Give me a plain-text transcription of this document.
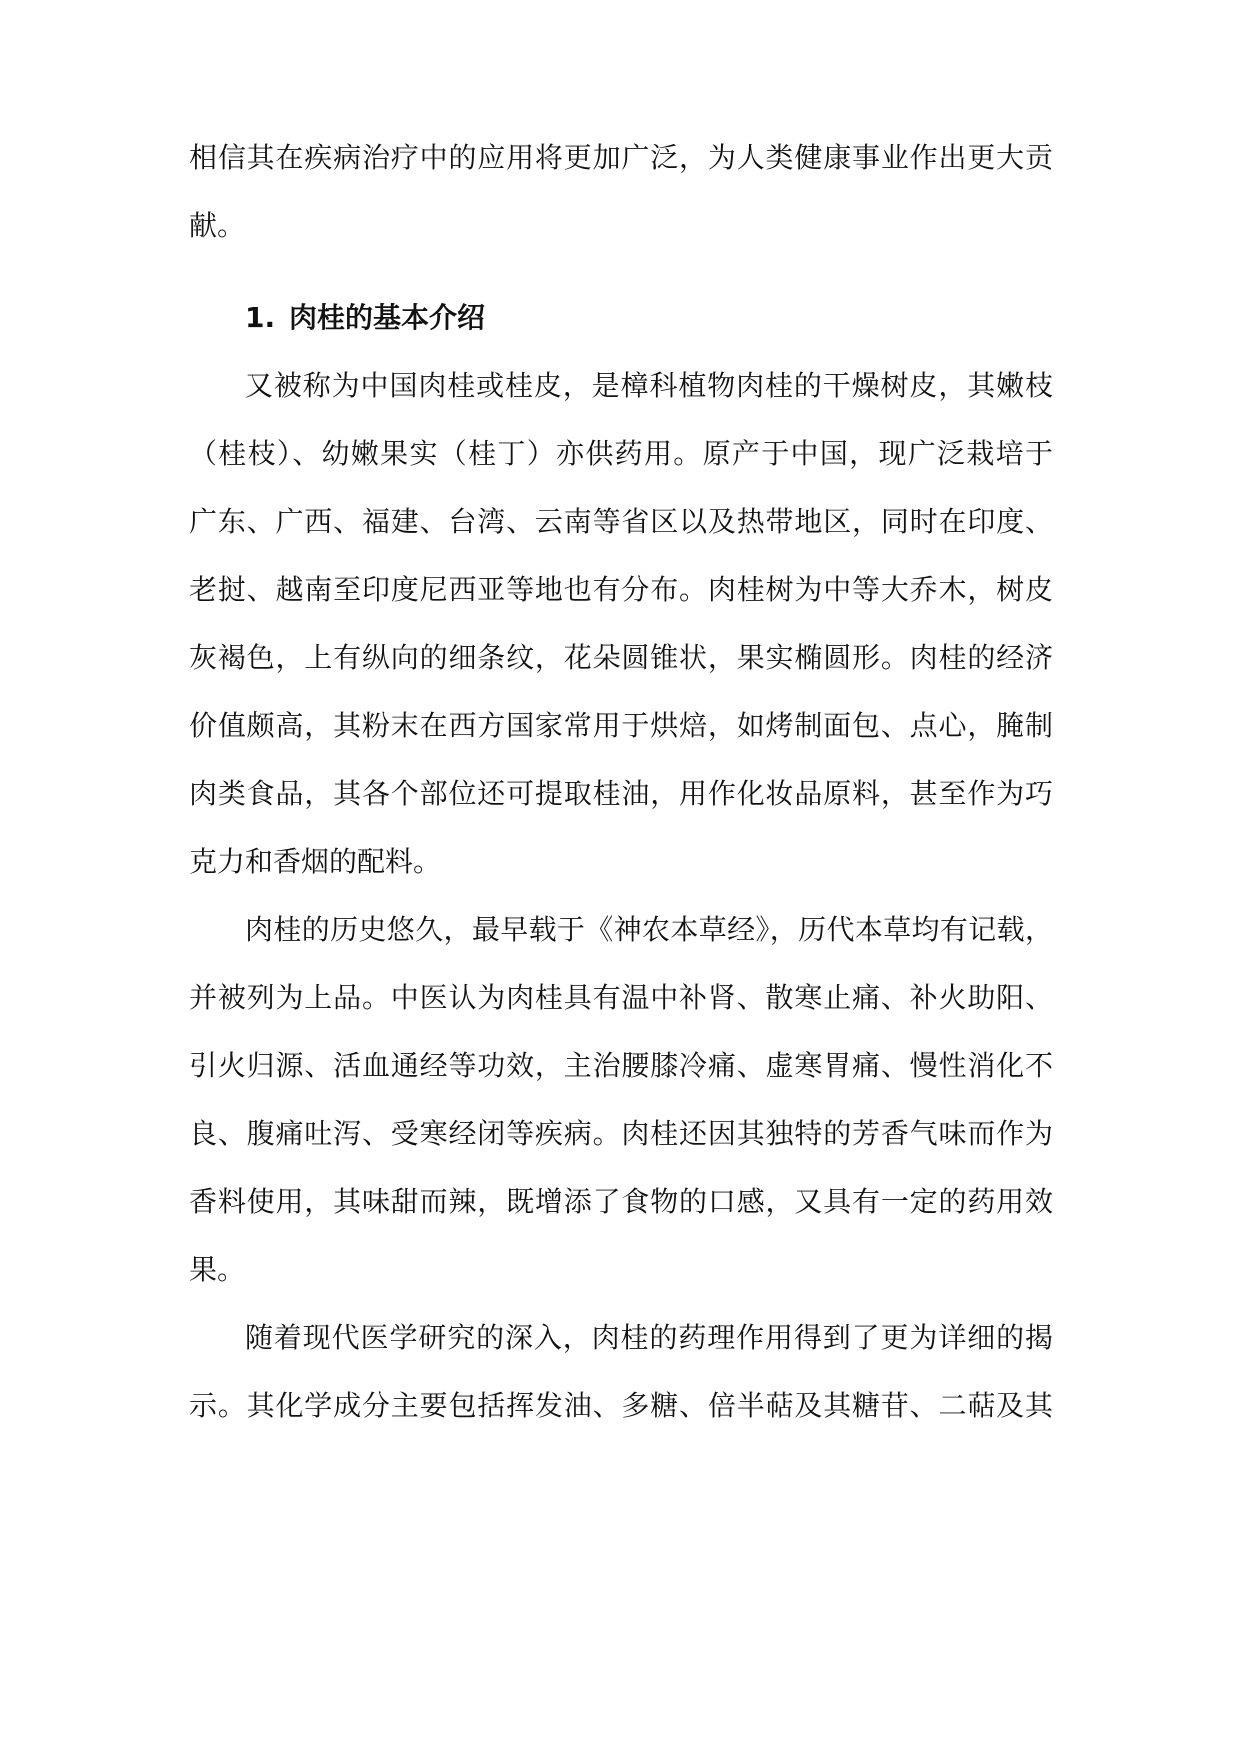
相信其在疾病治疗中的应用将更加广泛，为人类健康事业作出更大贡
献。
1. 肉桂的基本介绍
又被称为中国肉桂或桂皮，是樟科植物肉桂的干燥树皮，其嫩枝
（桂枝）、幼嫩果实（桂丁）亦供药用。原产于中国，现广泛栽培于
广东、广西、福建、台湾、云南等省区以及热带地区，同时在印度、
老挝、越南至印度尼西亚等地也有分布。肉桂树为中等大乔木，树皮
灰褐色，上有纵向的细条纹，花朵圆锥状，果实椭圆形。肉桂的经济
价值颇高，其粉末在西方国家常用于烘焙，如烤制面包、点心，腌制
肉类食品，其各个部位还可提取桂油，用作化妆品原料，甚至作为巧
克力和香烟的配料。
肉桂的历史悠久，最早载于《神农本草经》，历代本草均有记载，
并被列为上品。中医认为肉桂具有温中补肾、散寒止痛、补火助阳、
引火归源、活血通经等功效，主治腰膝冷痛、虚寒胃痛、慢性消化不
良、腹痛吐泻、受寒经闭等疾病。肉桂还因其独特的芳香气味而作为
香料使用，其味甜而辣，既增添了食物的口感，又具有一定的药用效
果。
随着现代医学研究的深入，肉桂的药理作用得到了更为详细的揭
示。其化学成分主要包括挥发油、多糖、倍半萜及其糖苷、二萜及其
